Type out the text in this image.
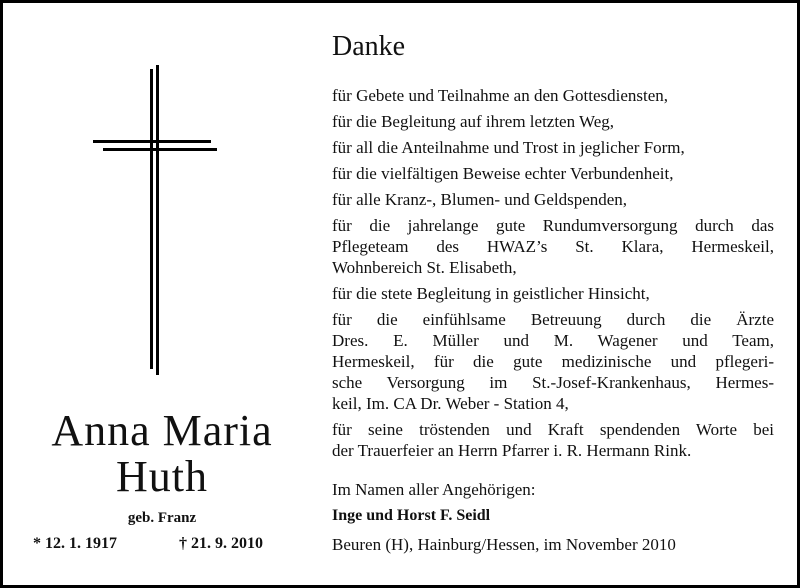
Anna Maria
Huth
geb. Franz
* 12. 1. 1917	† 21. 9. 2010
Danke
für Gebete und Teilnahme an den Gottesdiensten,
für die Begleitung auf ihrem letzten Weg,
für all die Anteilnahme und Trost in jeglicher Form,
für die vielfältigen Beweise echter Verbundenheit,
für alle Kranz-, Blumen- und Geldspenden,
für die jahrelange gute Rundumversorgung durch das
Pflegeteam des HWAZ’s St. Klara, Hermeskeil,
Wohnbereich St. Elisabeth,
für die stete Begleitung in geistlicher Hinsicht,
für die einfühlsame Betreuung durch die Ärzte
Dres. E. Müller und M. Wagener und Team,
Hermeskeil, für die gute medizinische und pflegeri-
sche Versorgung im St.-Josef-Krankenhaus, Hermes-
keil, Im. CA Dr. Weber - Station 4,
für seine tröstenden und Kraft spendenden Worte bei
der Trauerfeier an Herrn Pfarrer i. R. Hermann Rink.
Im Namen aller Angehörigen:
Inge und Horst F. Seidl
Beuren (H), Hainburg/Hessen, im November 2010
